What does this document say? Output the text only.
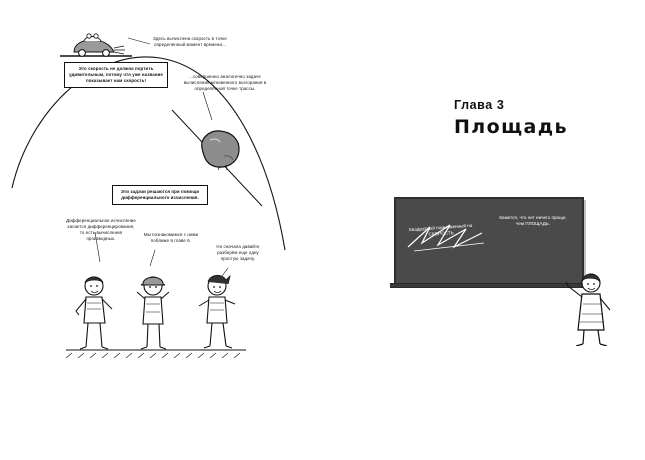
Здесь вычислена скорость в точке определённый момент времени...
Это скорость не должна портить удивительным, потому что уже название показывает нам скорость!
...совершенно аналогично задаче вычисления мгновенного возгорания в определённой точке трассы.
Эти задачи решаются при помощи дифференциального исчисления.
Дифференциальное исчисление касается дифференцирования, то есть вычисления производных.
Мы познакомимся с ними поближе в главе 6.
Но сначала давайте разберём еще одну простую задачу.
Глава 3
Площадь
Квадратный помноженный на СКОРОСТЬ
Кажется, что нет ничего проще, чем ПЛОЩАДЬ.
